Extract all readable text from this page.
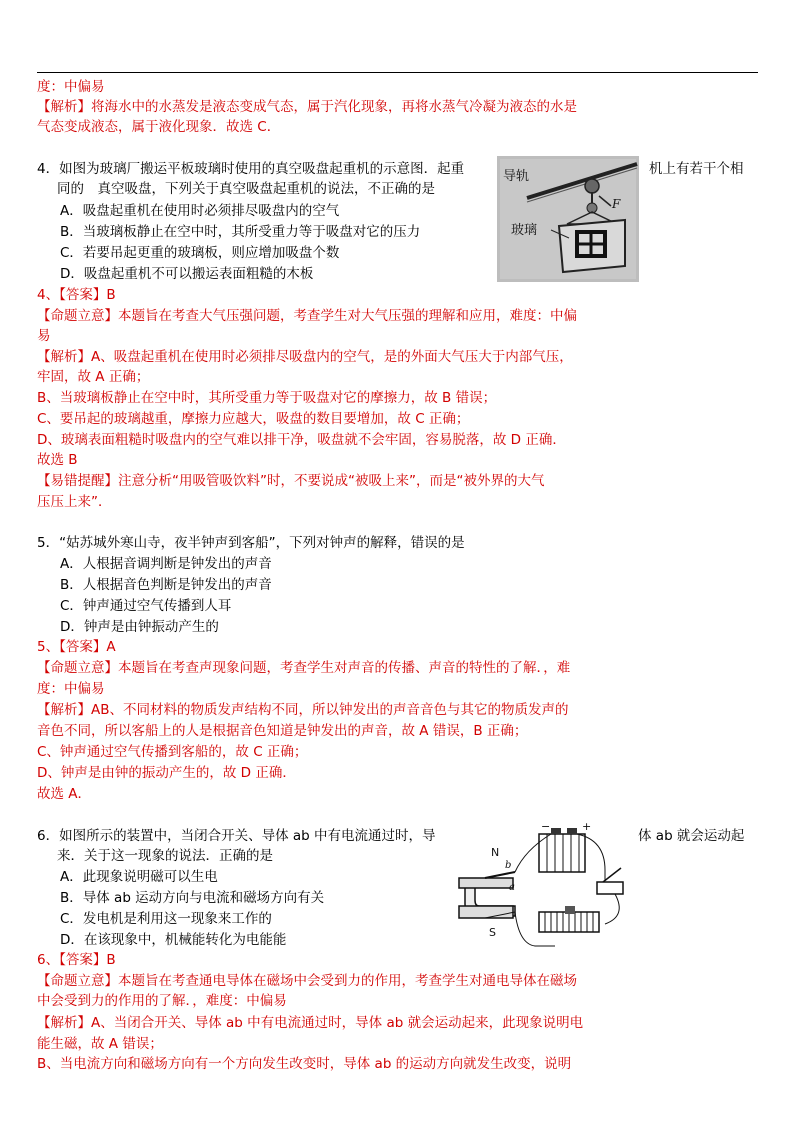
度：中偏易
【解析】将海水中的水蒸发是液态变成气态，属于汽化现象，再将水蒸气冷凝为液态的水是
气态变成液态，属于液化现象．故选 C．
4．如图为玻璃厂搬运平板玻璃时使用的真空吸盘起重机的示意图．起重	机上有若干个相
同的　真空吸盘，下列关于真空吸盘起重机的说法，不正确的是
A．吸盘起重机在使用时必须排尽吸盘内的空气
B．当玻璃板静止在空中时，其所受重力等于吸盘对它的压力
C．若要吊起更重的玻璃板，则应增加吸盘个数
D．吸盘起重机不可以搬运表面粗糙的木板
导轨
F
玻璃
4、【答案】B
【命题立意】本题旨在考查大气压强问题，考查学生对大气压强的理解和应用，难度：中偏
易
【解析】A、吸盘起重机在使用时必须排尽吸盘内的空气，是的外面大气压大于内部气压，
牢固，故 A 正确；
B、当玻璃板静止在空中时，其所受重力等于吸盘对它的摩擦力，故 B 错误；
C、要吊起的玻璃越重，摩擦力应越大，吸盘的数目要增加，故 C 正确；
D、玻璃表面粗糙时吸盘内的空气难以排干净，吸盘就不会牢固，容易脱落，故 D 正确．
故选 B
【易错提醒】注意分析“用吸管吸饮料”时，不要说成“被吸上来”，而是“被外界的大气
压压上来”．
5．“姑苏城外寒山寺，夜半钟声到客船”，下列对钟声的解释，错误的是
A．人根据音调判断是钟发出的声音
B．人根据音色判断是钟发出的声音
C．钟声通过空气传播到人耳
D．钟声是由钟振动产生的
5、【答案】A
【命题立意】本题旨在考查声现象问题，考查学生对声音的传播、声音的特性的了解．，难
度：中偏易
【解析】AB、不同材料的物质发声结构不同，所以钟发出的声音音色与其它的物质发声的
音色不同，所以客船上的人是根据音色知道是钟发出的声音，故 A 错误，B 正确；
C、钟声通过空气传播到客船的，故 C 正确；
D、钟声是由钟的振动产生的，故 D 正确．
故选 A．
6．如图所示的装置中，当闭合开关、导体 ab 中有电流通过时，导	体 ab 就会运动起
来．关于这一现象的说法．正确的是
A．此现象说明磁可以生电
B．导体 ab 运动方向与电流和磁场方向有关
C．发电机是利用这一现象来工作的
D．在该现象中，机械能转化为电能能
−	+
N
S
b
a
6、【答案】B
【命题立意】本题旨在考查通电导体在磁场中会受到力的作用，考查学生对通电导体在磁场
中会受到力的作用的了解．，难度：中偏易
【解析】A、当闭合开关、导体 ab 中有电流通过时，导体 ab 就会运动起来，此现象说明电
能生磁，故 A 错误；
B、当电流方向和磁场方向有一个方向发生改变时，导体 ab 的运动方向就发生改变，说明
